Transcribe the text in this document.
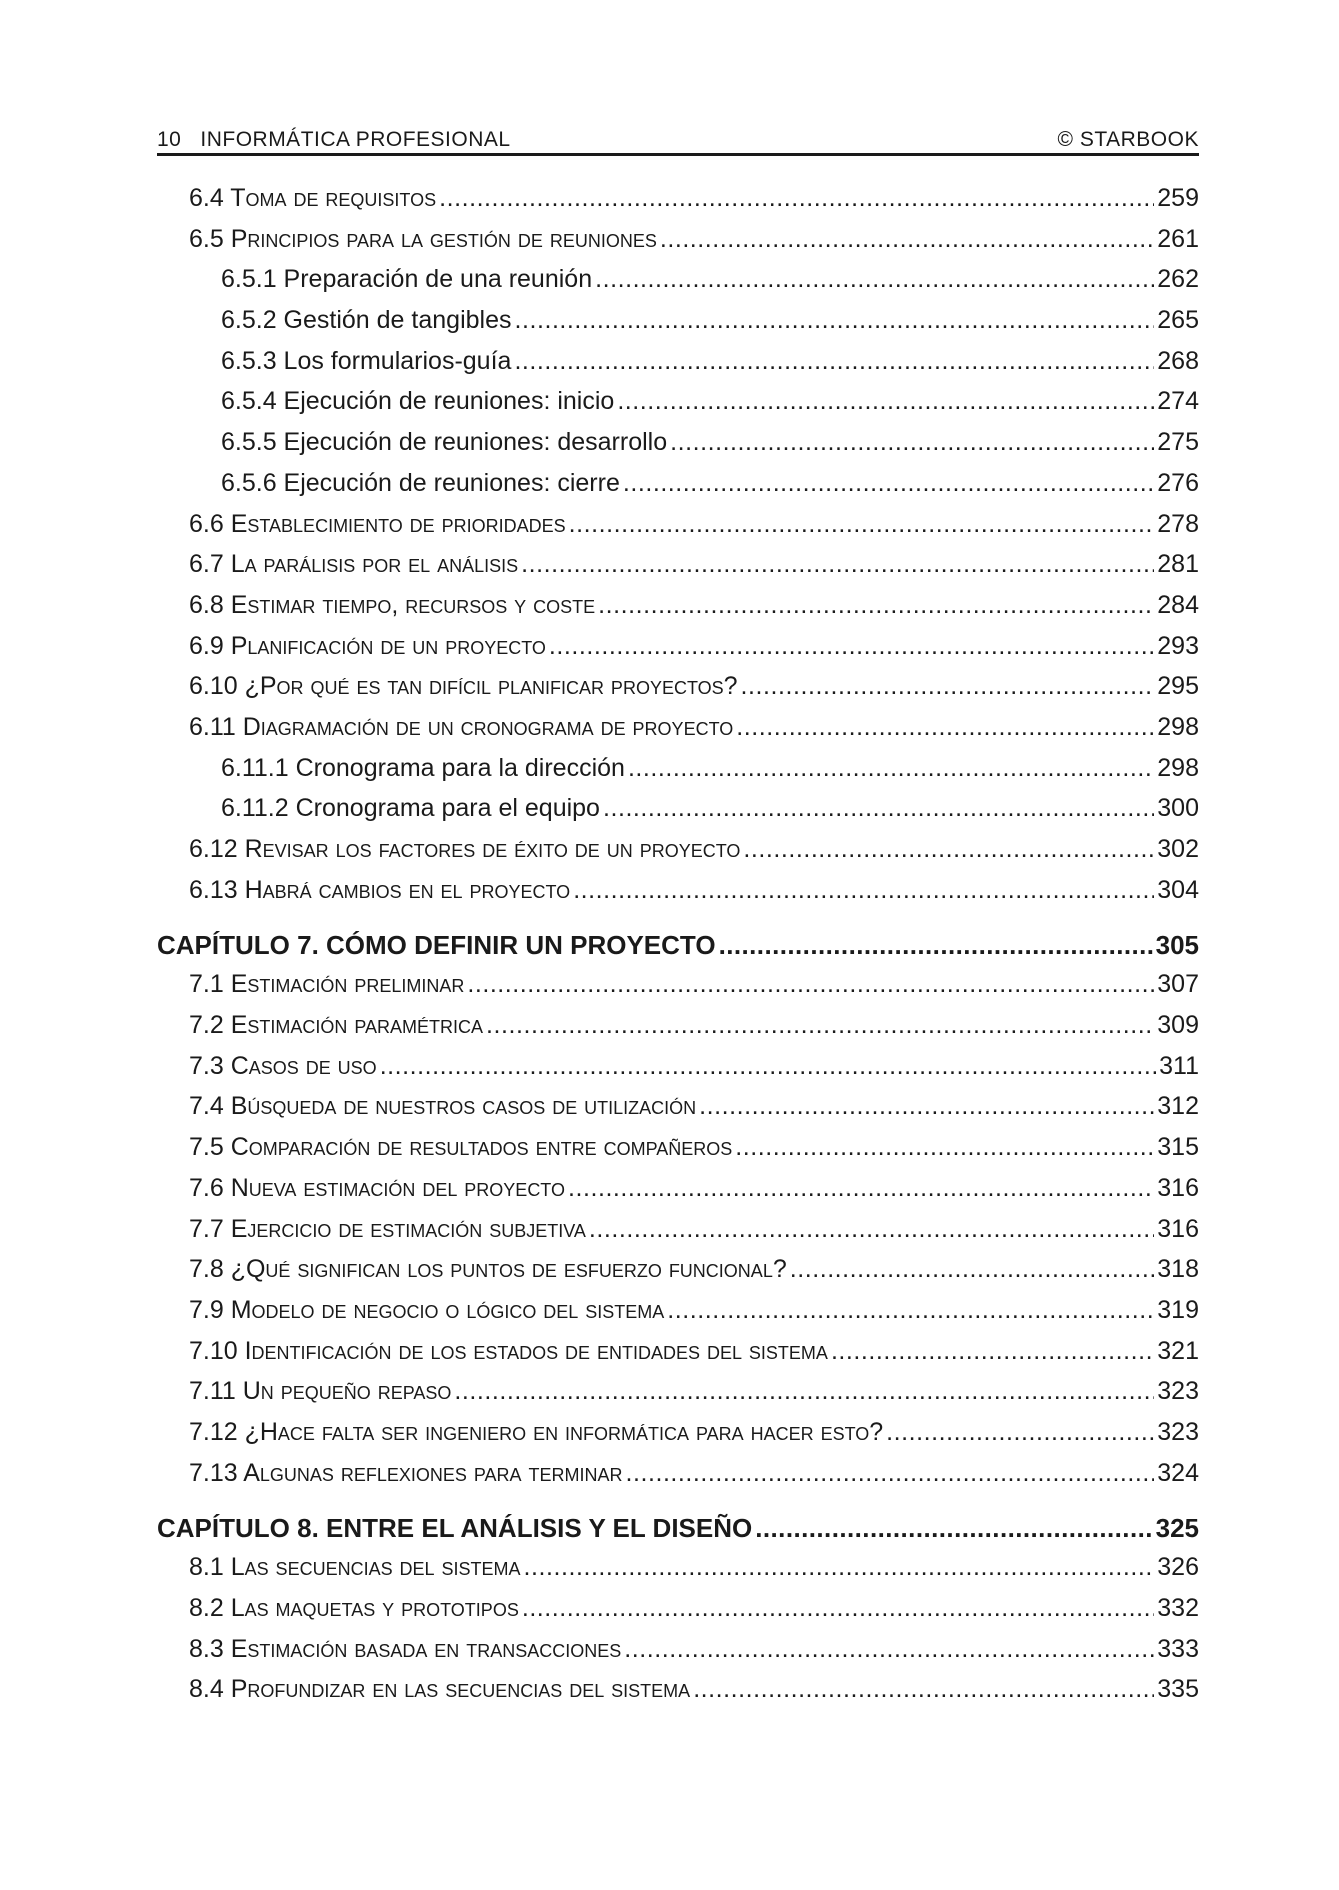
10   INFORMÁTICA PROFESIONAL	© STARBOOK
6.4 Toma de requisitos . . .	259
6.5 Principios para la gestión de reuniones . . .	261
6.5.1 Preparación de una reunión . . .	262
6.5.2 Gestión de tangibles . . .	265
6.5.3 Los formularios-guía . . .	268
6.5.4 Ejecución de reuniones: inicio . . .	274
6.5.5 Ejecución de reuniones: desarrollo . . .	275
6.5.6 Ejecución de reuniones: cierre . . .	276
6.6 Establecimiento de prioridades . . .	278
6.7 La parálisis por el análisis . . .	281
6.8 Estimar tiempo, recursos y coste . . .	284
6.9 Planificación de un proyecto . . .	293
6.10 ¿Por qué es tan difícil planificar proyectos? . . .	295
6.11 Diagramación de un cronograma de proyecto . . .	298
6.11.1 Cronograma para la dirección . . .	298
6.11.2 Cronograma para el equipo . . .	300
6.12 Revisar los factores de éxito de un proyecto . . .	302
6.13 Habrá cambios en el proyecto . . .	304
CAPÍTULO 7. CÓMO DEFINIR UN PROYECTO . . .	305
7.1 Estimación preliminar . . .	307
7.2 Estimación paramétrica . . .	309
7.3 Casos de uso . . .	311
7.4 Búsqueda de nuestros casos de utilización . . .	312
7.5 Comparación de resultados entre compañeros . . .	315
7.6 Nueva estimación del proyecto . . .	316
7.7 Ejercicio de estimación subjetiva . . .	316
7.8 ¿Qué significan los puntos de esfuerzo funcional? . . .	318
7.9 Modelo de negocio o lógico del sistema . . .	319
7.10 Identificación de los estados de entidades del sistema . . .	321
7.11 Un pequeño repaso . . .	323
7.12 ¿Hace falta ser ingeniero en informática para hacer esto? . . .	323
7.13 Algunas reflexiones para terminar . . .	324
CAPÍTULO 8. ENTRE EL ANÁLISIS Y EL DISEÑO . . .	325
8.1 Las secuencias del sistema . . .	326
8.2 Las maquetas y prototipos . . .	332
8.3 Estimación basada en transacciones . . .	333
8.4 Profundizar en las secuencias del sistema . . .	335
